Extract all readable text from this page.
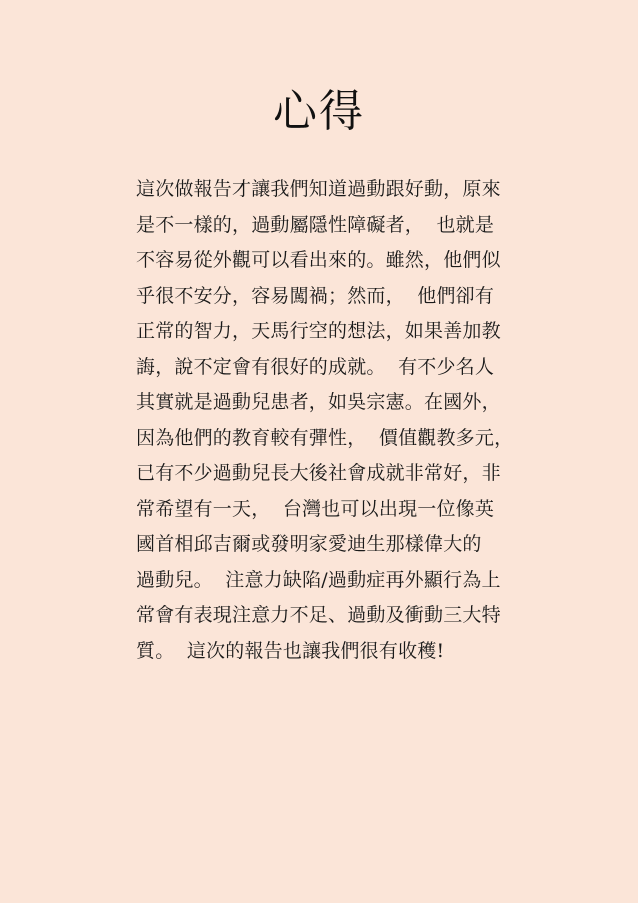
心得
這次做報告才讓我們知道過動跟好動，原來
是不一樣的，過動屬隱性障礙者，  也就是
不容易從外觀可以看出來的。雖然，他們似
乎很不安分，容易闖禍；然而，  他們卻有
正常的智力，天馬行空的想法，如果善加教
誨，說不定會有很好的成就。  有不少名人
其實就是過動兒患者，如吳宗憲。在國外，
因為他們的教育較有彈性，  價值觀教多元，
已有不少過動兒長大後社會成就非常好，非
常希望有一天，  台灣也可以出現一位像英
國首相邱吉爾或發明家愛迪生那樣偉大的
過動兒。  注意力缺陷/過動症再外顯行為上
常會有表現注意力不足、過動及衝動三大特
質。  這次的報告也讓我們很有收穫!
